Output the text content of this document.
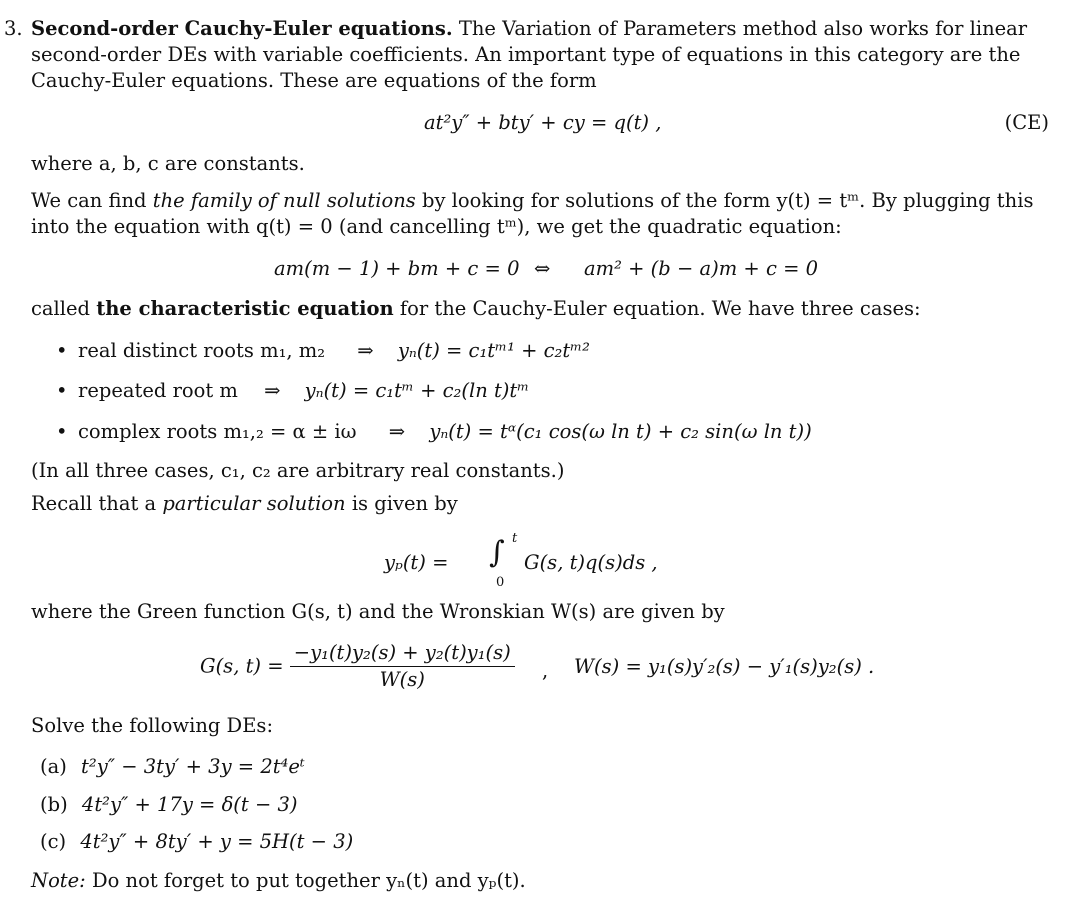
3. Second-order Cauchy-Euler equations. The Variation of Parameters method also works for linear second-order DEs with variable coefficients. An important type of equations in this category are the Cauchy-Euler equations. These are equations of the form
at²y″ + bty′ + cy = q(t) ,	(CE)
where a, b, c are constants.
We can find the family of null solutions by looking for solutions of the form y(t) = tᵐ. By plugging this into the equation with q(t) = 0 (and cancelling tᵐ), we get the quadratic equation:
am(m − 1) + bm + c = 0 ⇔ am² + (b − a)m + c = 0
called the characteristic equation for the Cauchy-Euler equation. We have three cases:
• real distinct roots m₁, m₂ ⇒ yₙ(t) = c₁tᵐ¹ + c₂tᵐ²
• repeated root m ⇒ yₙ(t) = c₁tᵐ + c₂(ln t)tᵐ
• complex roots m₁,₂ = α ± iω ⇒ yₙ(t) = tᵅ(c₁ cos(ω ln t) + c₂ sin(ω ln t))
(In all three cases, c₁, c₂ are arbitrary real constants.)
Recall that a particular solution is given by
yₚ(t) = ∫ t
0
G(s, t)q(s)ds ,
where the Green function G(s, t) and the Wronskian W(s) are given by
G(s, $t) = \frac{\text{−y₁(t)y₂(s) + y₂(t)y₁(s)}}{W(s)}$ , W(s) = y₁(s)y′₂(s) − y′₁(s)y₂(s) .
Solve the following DEs:
(a) t²y″ − 3ty′ + 3y = 2t⁴eᵗ
(b) 4t²y″ + 17y = δ(t − 3)
(c) 4t²y″ + 8ty′ + y = 5H(t − 3)
Note: Do not forget to put together yₙ(t) and yₚ(t).
